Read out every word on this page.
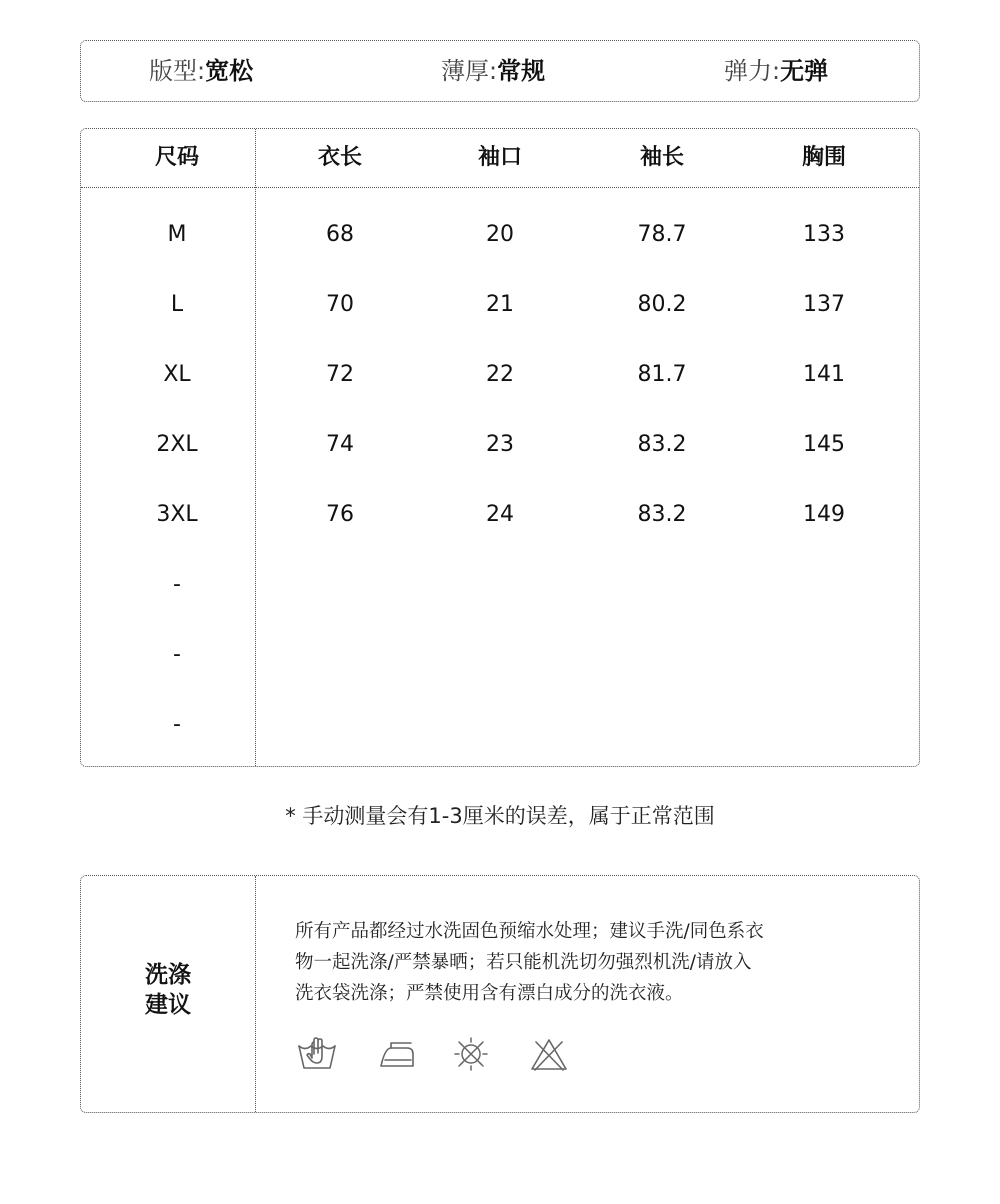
版型:宽松	薄厚:常规	弹力:无弹
尺码	衣长	袖口	袖长	胸围
M	68	20	78.7	133
L	70	21	80.2	137
XL	72	22	81.7	141
2XL	74	23	83.2	145
3XL	76	24	83.2	149
-
-
-
* 手动测量会有1-3厘米的误差，属于正常范围
洗涤
建议
所有产品都经过水洗固色预缩水处理；建议手洗/同色系衣
物一起洗涤/严禁暴晒；若只能机洗切勿强烈机洗/请放入
洗衣袋洗涤；严禁使用含有漂白成分的洗衣液。
